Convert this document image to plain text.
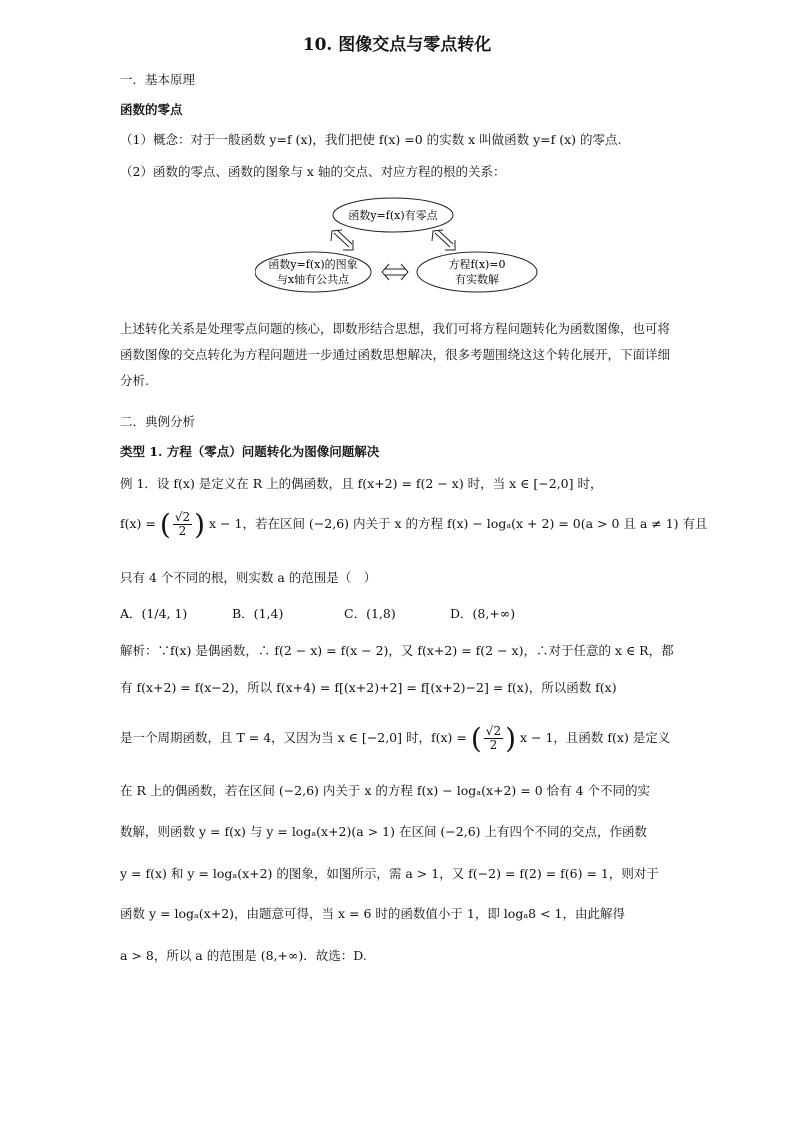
10. 图像交点与零点转化
一．基本原理
函数的零点
（1）概念：对于一般函数 y=f (x)，我们把使 f(x) =0 的实数 x 叫做函数 y=f (x) 的零点.
（2）函数的零点、函数的图象与 x 轴的交点、对应方程的根的关系：
函数y=f(x)有零点
函数y=f(x)的图象
与x轴有公共点
方程f(x)=0
有实数解
上述转化关系是处理零点问题的核心，即数形结合思想，我们可将方程问题转化为函数图像，也可将函数图像的交点转化为方程问题进一步通过函数思想解决，很多考题围绕这这个转化展开，下面详细分析.
二．典例分析
类型 1. 方程（零点）问题转化为图像问题解决
例 1．设 f(x) 是定义在 R 上的偶函数，且 f(x+2) = f(2 − x) 时，当 x ∈ [−2,0] 时，
f(x) = ( $\frac{√2}{2}$ ) x − 1，若在区间 (−2,6) 内关于 x 的方程 f(x) − logₐ(x + 2) = 0(a > 0 且 a ≠ 1) 有且
只有 4 个不同的根，则实数 a 的范围是（　）
A．(1/4, 1)	B．(1,4)	C．(1,8)	D．(8,+∞)
解析：∵f(x) 是偶函数，∴ f(2 − x) = f(x − 2)，又 f(x+2) = f(2 − x)，∴对于任意的 x ∈ R，都
有 f(x+2) = f(x−2)，所以 f(x+4) = f[(x+2)+2] = f[(x+2)−2] = f(x)，所以函数 f(x)
是一个周期函数，且 T = 4，又因为当 x ∈ [−2,0] 时，f(x) = ( $\frac{√2}{2}$ ) x − 1，且函数 f(x) 是定义
在 R 上的偶函数，若在区间 (−2,6) 内关于 x 的方程 f(x) − logₐ(x+2) = 0 恰有 4 个不同的实
数解，则函数 y = f(x) 与 y = logₐ(x+2)(a > 1) 在区间 (−2,6) 上有四个不同的交点，作函数
y = f(x) 和 y = logₐ(x+2) 的图象，如图所示，需 a > 1，又 f(−2) = f(2) = f(6) = 1，则对于
函数 y = logₐ(x+2)，由题意可得，当 x = 6 时的函数值小于 1，即 logₐ8 < 1，由此解得
a > 8，所以 a 的范围是 (8,+∞)．故选：D.
